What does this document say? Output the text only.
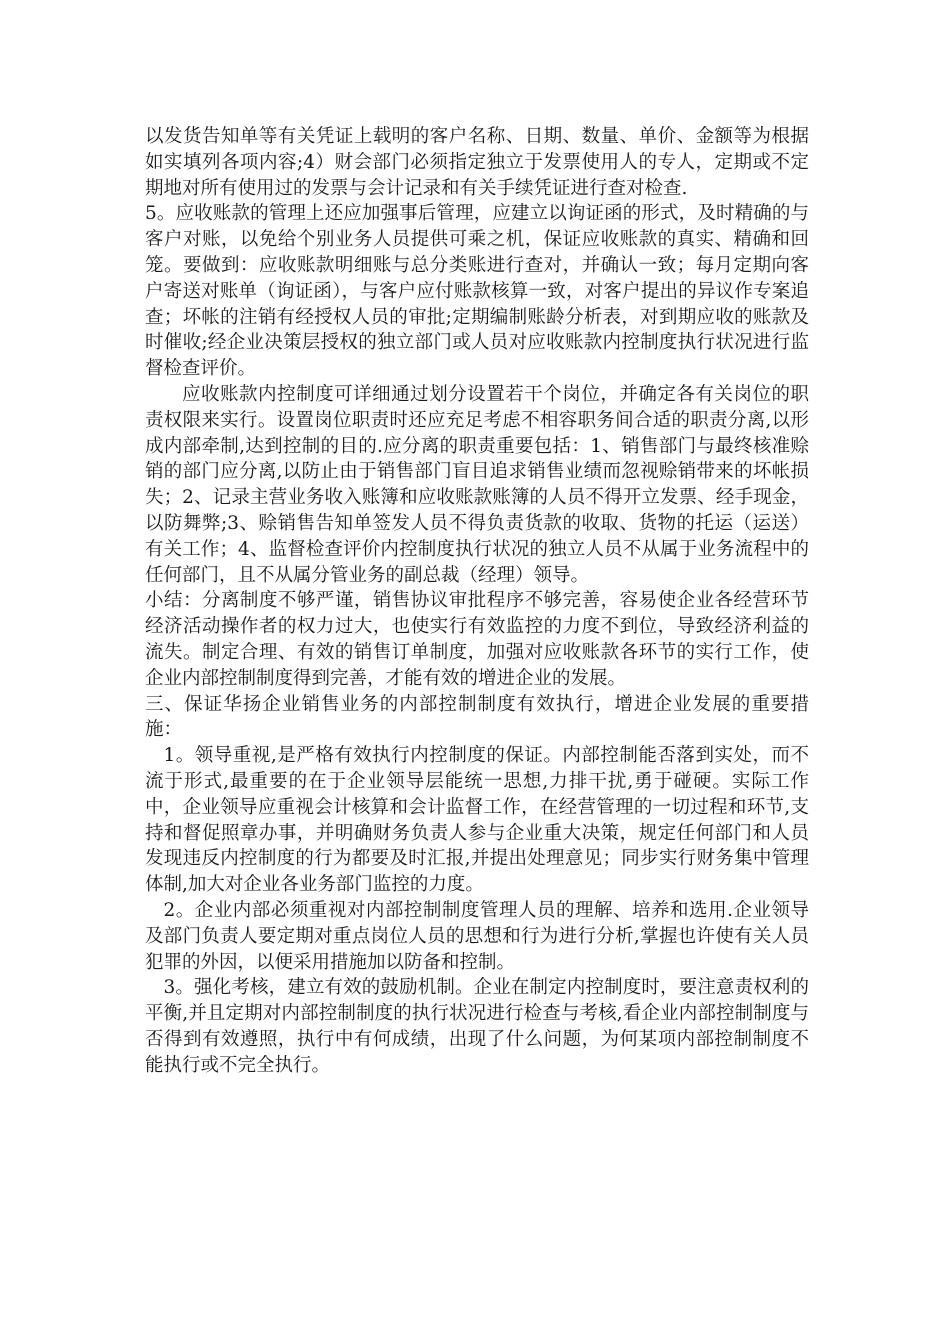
以发货告知单等有关凭证上载明的客户名称、日期、数量、单价、金额等为根据如实填列各项内容;4）财会部门必须指定独立于发票使用人的专人，定期或不定期地对所有使用过的发票与会计记录和有关手续凭证进行查对检查.

5。应收账款的管理上还应加强事后管理，应建立以询证函的形式，及时精确的与客户对账，以免给个别业务人员提供可乘之机，保证应收账款的真实、精确和回笼。要做到：应收账款明细账与总分类账进行查对，并确认一致；每月定期向客户寄送对账单（询证函），与客户应付账款核算一致，对客户提出的异议作专案追查；坏帐的注销有经授权人员的审批;定期编制账龄分析表，对到期应收的账款及时催收;经企业决策层授权的独立部门或人员对应收账款内控制度执行状况进行监督检查评价。

应收账款内控制度可详细通过划分设置若干个岗位，并确定各有关岗位的职责权限来实行。设置岗位职责时还应充足考虑不相容职务间合适的职责分离,以形成内部牵制,达到控制的目的.应分离的职责重要包括：1、销售部门与最终核准赊销的部门应分离,以防止由于销售部门盲目追求销售业绩而忽视赊销带来的坏帐损失；2、记录主营业务收入账簿和应收账款账簿的人员不得开立发票、经手现金，以防舞弊;3、赊销售告知单签发人员不得负责货款的收取、货物的托运（运送）有关工作；4、监督检查评价内控制度执行状况的独立人员不从属于业务流程中的任何部门，且不从属分管业务的副总裁（经理）领导。

小结：分离制度不够严谨，销售协议审批程序不够完善，容易使企业各经营环节经济活动操作者的权力过大，也使实行有效监控的力度不到位，导致经济利益的流失。制定合理、有效的销售订单制度，加强对应收账款各环节的实行工作，使企业内部控制制度得到完善，才能有效的增进企业的发展。

三、保证华扬企业销售业务的内部控制制度有效执行，增进企业发展的重要措施：

1。领导重视,是严格有效执行内控制度的保证。内部控制能否落到实处，而不流于形式,最重要的在于企业领导层能统一思想,力排干扰,勇于碰硬。实际工作中，企业领导应重视会计核算和会计监督工作，在经营管理的一切过程和环节,支持和督促照章办事，并明确财务负责人参与企业重大决策，规定任何部门和人员发现违反内控制度的行为都要及时汇报,并提出处理意见；同步实行财务集中管理体制,加大对企业各业务部门监控的力度。

2。企业内部必须重视对内部控制制度管理人员的理解、培养和选用.企业领导及部门负责人要定期对重点岗位人员的思想和行为进行分析,掌握也许使有关人员犯罪的外因，以便采用措施加以防备和控制。

3。强化考核，建立有效的鼓励机制。企业在制定内控制度时，要注意责权利的平衡,并且定期对内部控制制度的执行状况进行检查与考核,看企业内部控制制度与否得到有效遵照，执行中有何成绩，出现了什么问题，为何某项内部控制制度不能执行或不完全执行。
